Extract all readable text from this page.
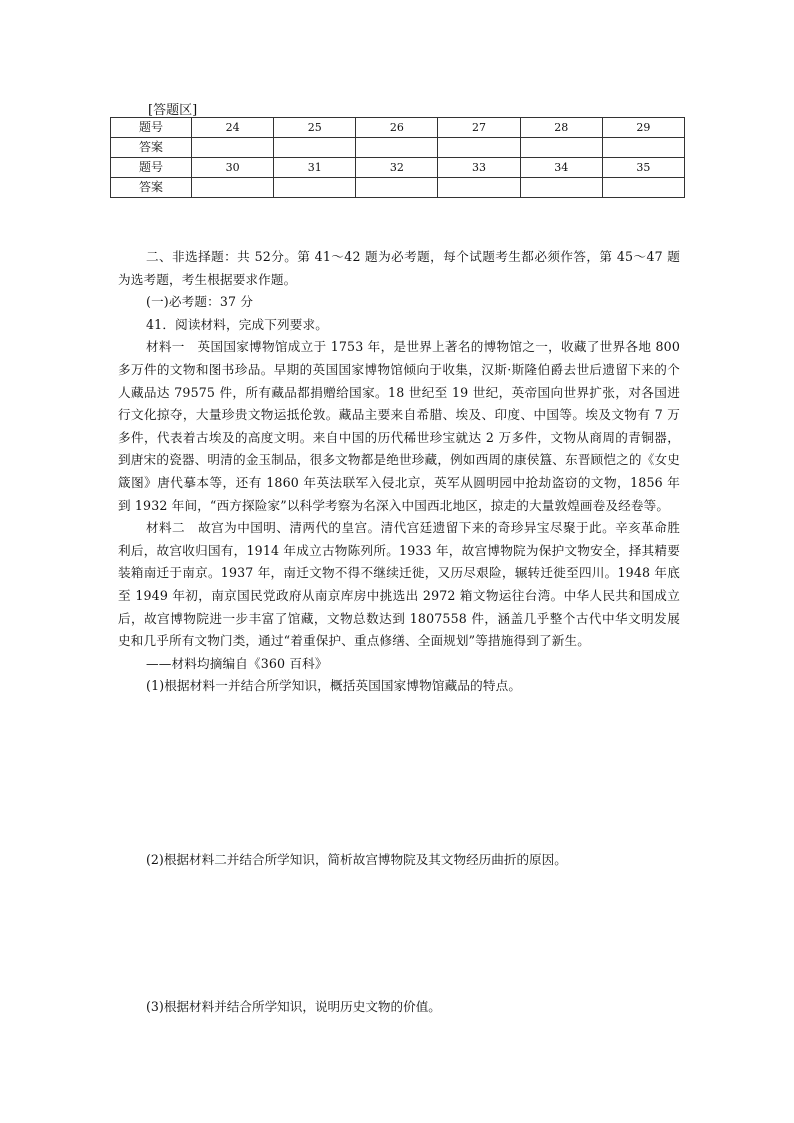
[答题区]
题号	24	25	26	27	28	29
答案						
题号	30	31	32	33	34	35
答案						

二、非选择题：共 52分。第 41～42 题为必考题，每个试题考生都必须作答，第 45～47 题为选考题，考生根据要求作题。

(一)必考题：37 分

41．阅读材料，完成下列要求。

材料一　英国国家博物馆成立于 1753 年，是世界上著名的博物馆之一，收藏了世界各地 800 多万件的文物和图书珍品。早期的英国国家博物馆倾向于收集，汉斯·斯隆伯爵去世后遗留下来的个人藏品达 79575 件，所有藏品都捐赠给国家。18 世纪至 19 世纪，英帝国向世界扩张，对各国进行文化掠夺，大量珍贵文物运抵伦敦。藏品主要来自希腊、埃及、印度、中国等。埃及文物有 7 万多件，代表着古埃及的高度文明。来自中国的历代稀世珍宝就达 2 万多件，文物从商周的青铜器，到唐宋的瓷器、明清的金玉制品，很多文物都是绝世珍藏，例如西周的康侯簋、东晋顾恺之的《女史箴图》唐代摹本等，还有 1860 年英法联军入侵北京，英军从圆明园中抢劫盗窃的文物，1856 年到 1932 年间，“西方探险家”以科学考察为名深入中国西北地区，掠走的大量敦煌画卷及经卷等。

材料二　故宫为中国明、清两代的皇宫。清代宫廷遗留下来的奇珍异宝尽聚于此。辛亥革命胜利后，故宫收归国有，1914 年成立古物陈列所。1933 年，故宫博物院为保护文物安全，择其精要装箱南迁于南京。1937 年，南迁文物不得不继续迁徙，又历尽艰险，辗转迁徙至四川。1948 年底至 1949 年初，南京国民党政府从南京库房中挑选出 2972 箱文物运往台湾。中华人民共和国成立后，故宫博物院进一步丰富了馆藏，文物总数达到 1807558 件，涵盖几乎整个古代中华文明发展史和几乎所有文物门类，通过“着重保护、重点修缮、全面规划”等措施得到了新生。

——材料均摘编自《360 百科》

(1)根据材料一并结合所学知识，概括英国国家博物馆藏品的特点。

(2)根据材料二并结合所学知识，简析故宫博物院及其文物经历曲折的原因。
(3)根据材料并结合所学知识，说明历史文物的价值。
